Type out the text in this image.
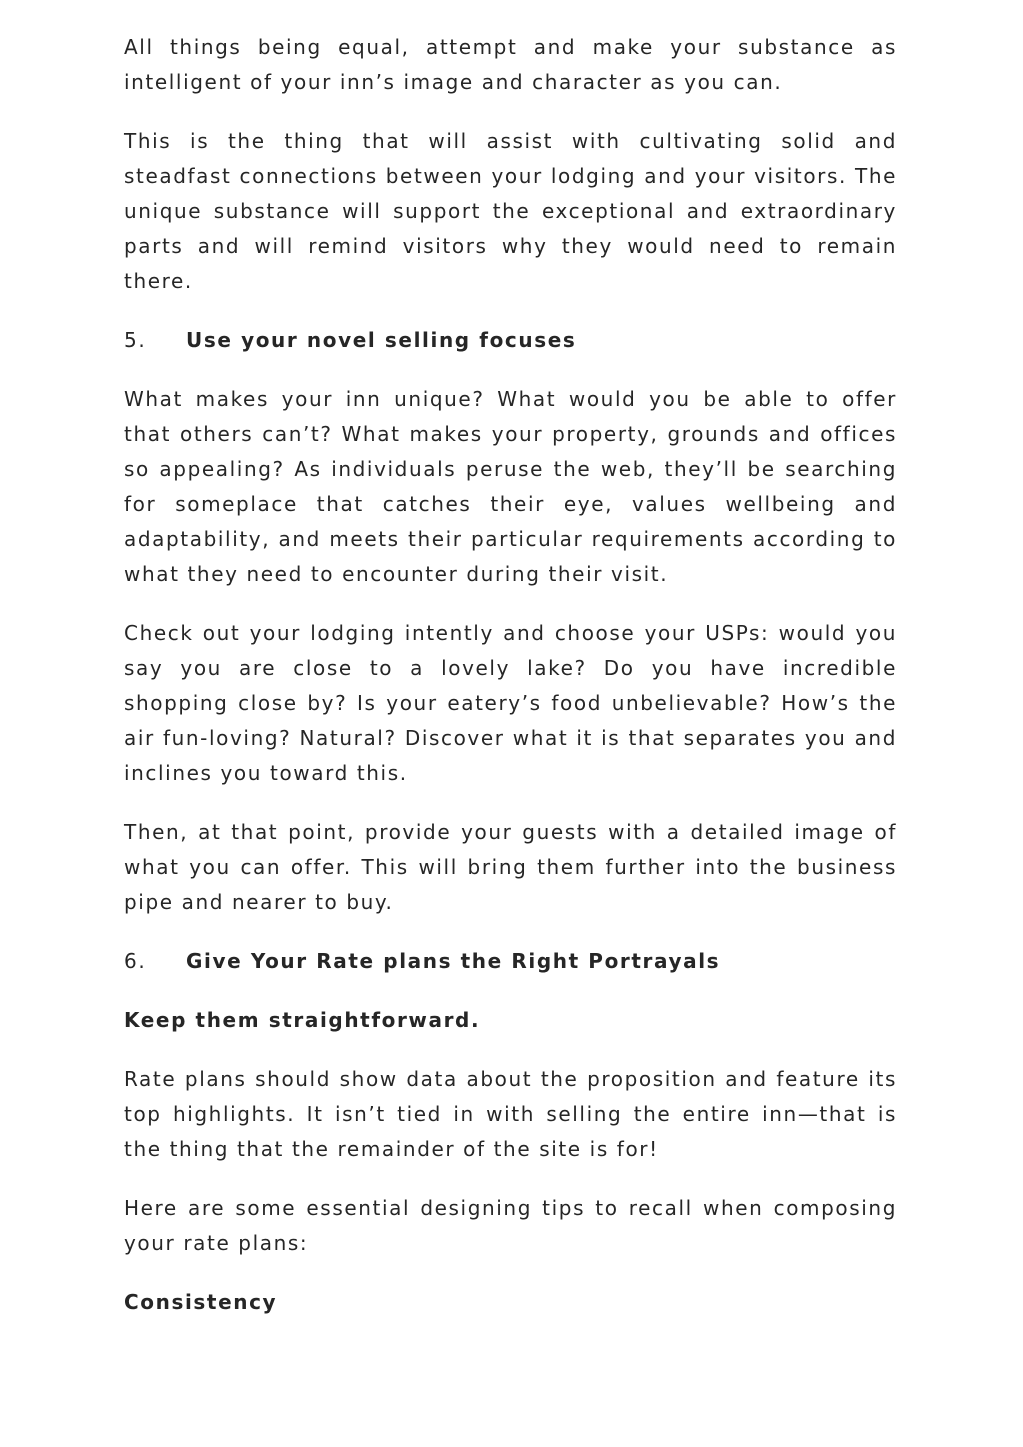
All things being equal, attempt and make your substance as intelligent of your inn’s image and character as you can.

This is the thing that will assist with cultivating solid and steadfast connections between your lodging and your visitors. The unique substance will support the exceptional and extraordinary parts and will remind visitors why they would need to remain there.

5.	Use your novel selling focuses

What makes your inn unique? What would you be able to offer that others can’t? What makes your property, grounds and offices so appealing? As individuals peruse the web, they’ll be searching for someplace that catches their eye, values wellbeing and adaptability, and meets their particular requirements according to what they need to encounter during their visit.

Check out your lodging intently and choose your USPs: would you say you are close to a lovely lake? Do you have incredible shopping close by? Is your eatery’s food unbelievable? How’s the air fun-loving? Natural? Discover what it is that separates you and inclines you toward this.

Then, at that point, provide your guests with a detailed image of what you can offer. This will bring them further into the business pipe and nearer to buy.

6.	Give Your Rate plans the Right Portrayals

Keep them straightforward.

Rate plans should show data about the proposition and feature its top highlights. It isn’t tied in with selling the entire inn—that is the thing that the remainder of the site is for!

Here are some essential designing tips to recall when composing your rate plans:

Consistency
